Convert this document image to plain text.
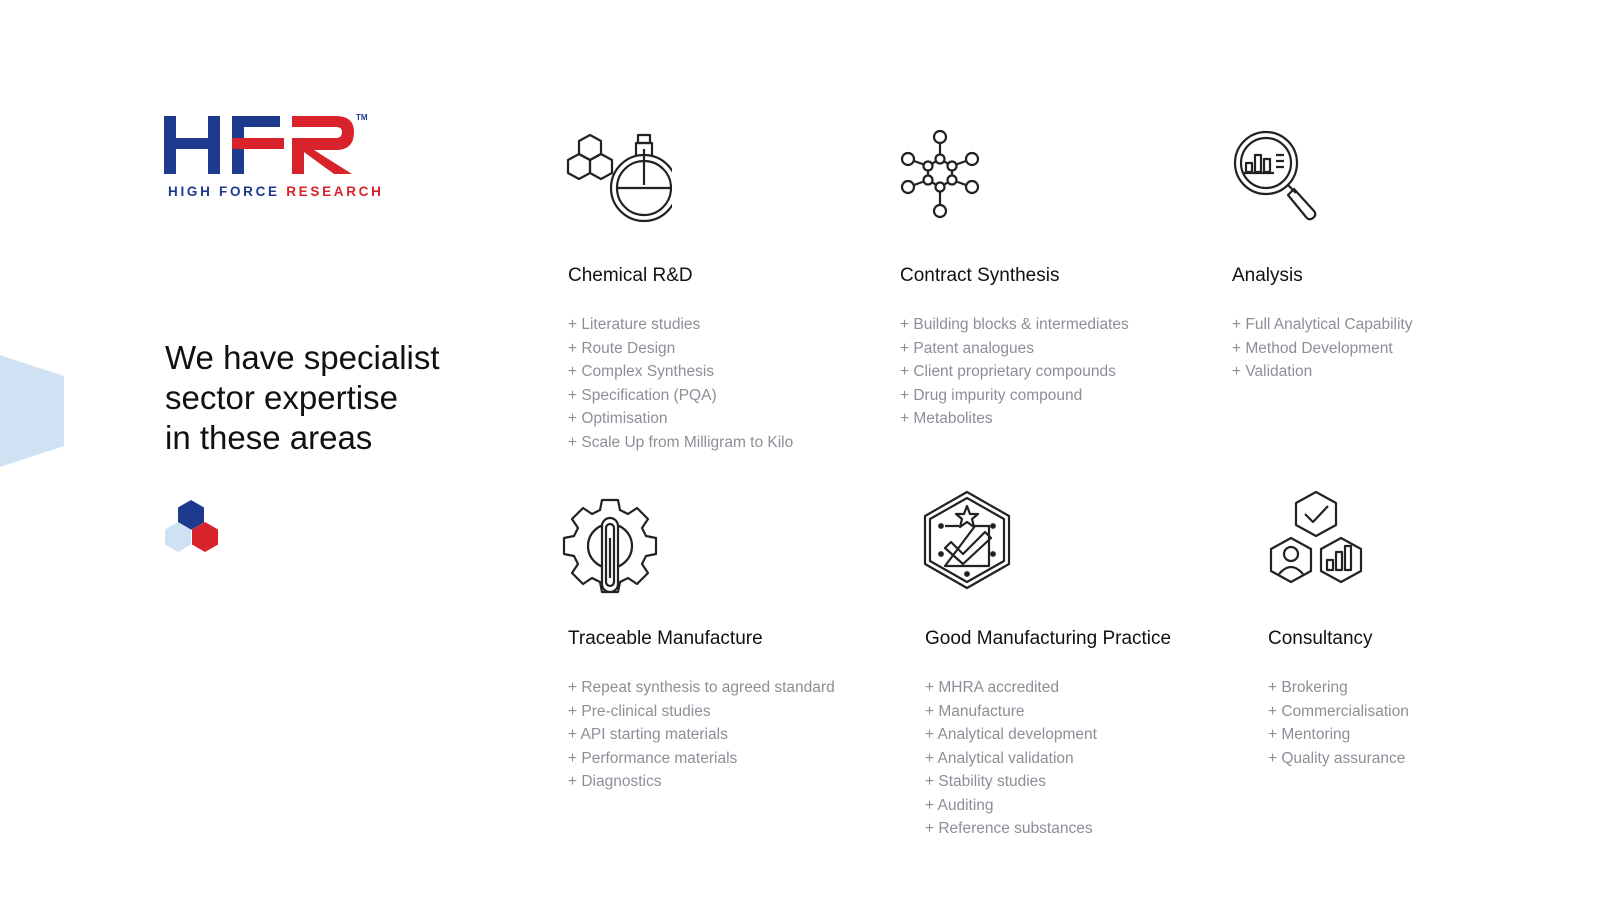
TM
HIGH FORCE RESEARCH
We have specialist
sector expertise
in these areas
Chemical R&D
+ Literature studies
+ Route Design
+ Complex Synthesis
+ Specification (PQA)
+ Optimisation
+ Scale Up from Milligram to Kilo
Contract Synthesis
+ Building blocks & intermediates
+ Patent analogues
+ Client proprietary compounds
+ Drug impurity compound
+ Metabolites
Analysis
+ Full Analytical Capability
+ Method Development
+ Validation
Traceable Manufacture
+ Repeat synthesis to agreed standard
+ Pre-clinical studies
+ API starting materials
+ Performance materials
+ Diagnostics
Good Manufacturing Practice
+ MHRA accredited
+ Manufacture
+ Analytical development
+ Analytical validation
+ Stability studies
+ Auditing
+ Reference substances
Consultancy
+ Brokering
+ Commercialisation
+ Mentoring
+ Quality assurance
